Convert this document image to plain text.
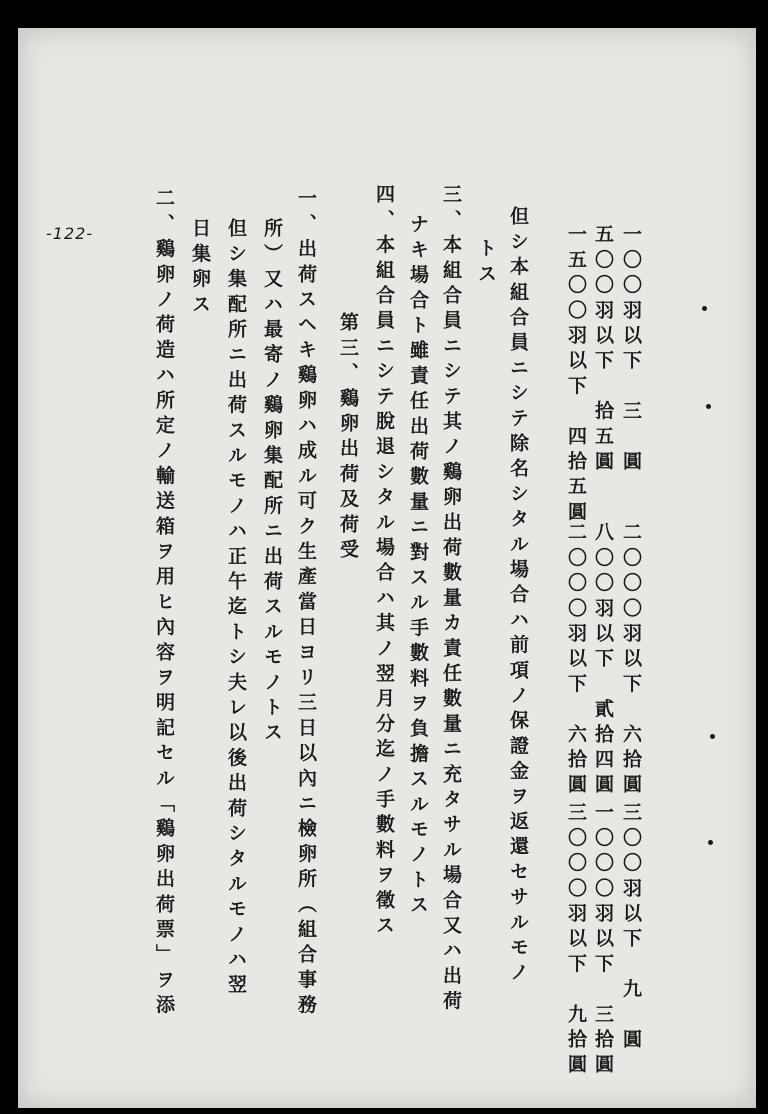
-122-
三〇〇羽以下　九　圓
一〇〇〇羽以下　三拾圓
二〇〇〇羽以下　六拾圓
三〇〇〇羽以下　九拾圓
八〇〇羽以下　貳拾四圓
二〇〇〇羽以下　六拾圓
一〇〇羽以下　三　圓
五〇〇羽以下　拾五圓
一五〇〇羽以下　四拾五圓
但シ本組合員ニシテ除名シタル場合ハ前項ノ保證金ヲ返還セサルモノ
トス
三、本組合員ニシテ其ノ鷄卵出荷數量カ責任數量ニ充タサル場合又ハ出荷
ナキ場合ト雖責任出荷數量ニ對スル手數料ヲ負擔スルモノトス
四、本組合員ニシテ脫退シタル場合ハ其ノ翌月分迄ノ手數料ヲ徵ス
第三、鷄卵出荷及荷受
一、出荷スヘキ鷄卵ハ成ル可ク生產當日ヨリ三日以內ニ檢卵所（組合事務
所）又ハ最寄ノ鷄卵集配所ニ出荷スルモノトス
但シ集配所ニ出荷スルモノハ正午迄トシ夫レ以後出荷シタルモノハ翌
日集卵ス
二、鷄卵ノ荷造ハ所定ノ輸送箱ヲ用ヒ內容ヲ明記セル「鷄卵出荷票」ヲ添
